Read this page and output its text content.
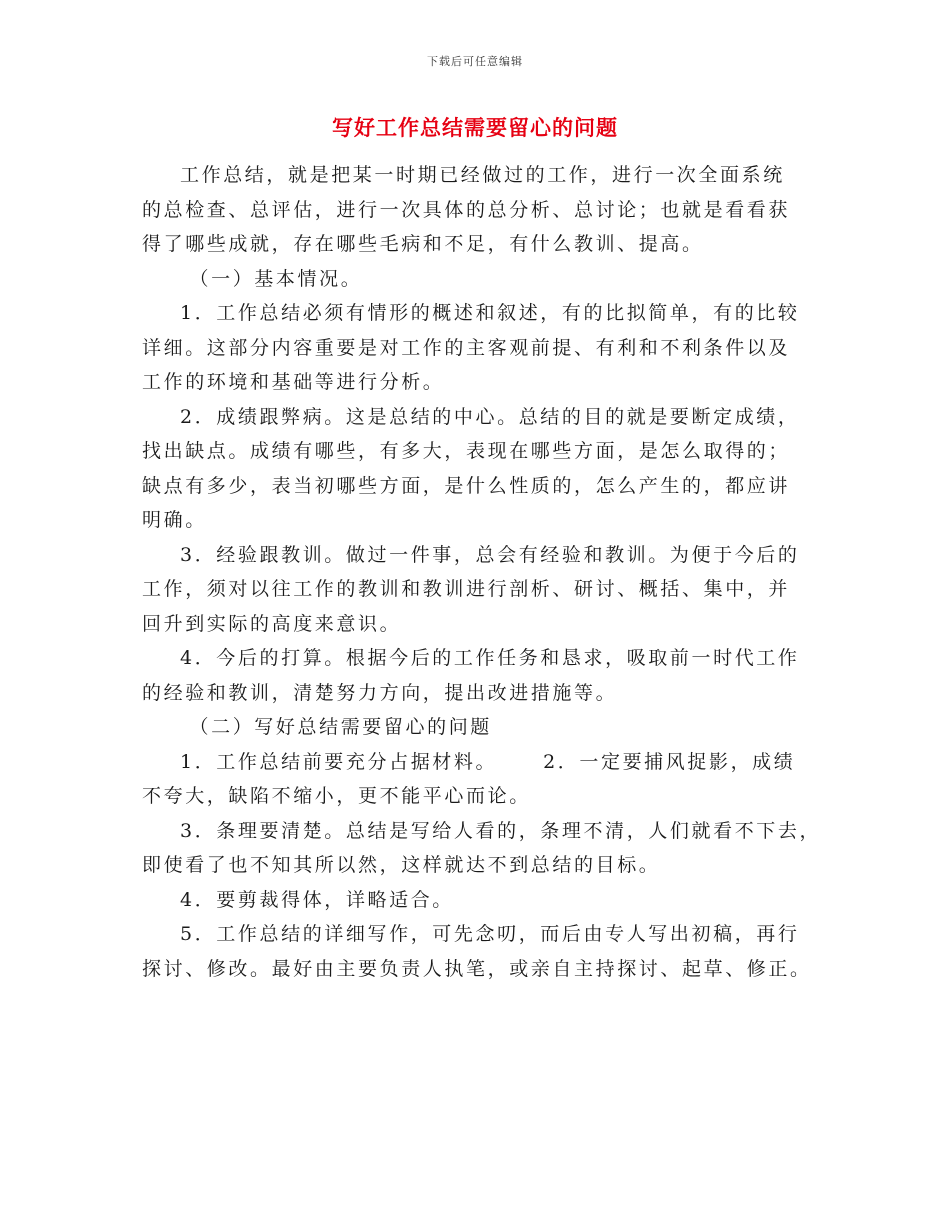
下载后可任意编辑
写好工作总结需要留心的问题

工作总结，就是把某一时期已经做过的工作，进行一次全面系统
的总检查、总评估，进行一次具体的总分析、总讨论；也就是看看获
得了哪些成就，存在哪些毛病和不足，有什么教训、提高。

（一）基本情况。

1．工作总结必须有情形的概述和叙述，有的比拟简单，有的比较
详细。这部分内容重要是对工作的主客观前提、有利和不利条件以及
工作的环境和基础等进行分析。

2．成绩跟弊病。这是总结的中心。总结的目的就是要断定成绩，
找出缺点。成绩有哪些，有多大，表现在哪些方面，是怎么取得的；
缺点有多少，表当初哪些方面，是什么性质的，怎么产生的，都应讲
明确。

3．经验跟教训。做过一件事，总会有经验和教训。为便于今后的
工作，须对以往工作的教训和教训进行剖析、研讨、概括、集中，并
回升到实际的高度来意识。

4．今后的打算。根据今后的工作任务和恳求，吸取前一时代工作
的经验和教训，清楚努力方向，提出改进措施等。

（二）写好总结需要留心的问题

1．工作总结前要充分占据材料。 2．一定要捕风捉影，成绩
不夸大，缺陷不缩小，更不能平心而论。

3．条理要清楚。总结是写给人看的，条理不清，人们就看不下去，
即使看了也不知其所以然，这样就达不到总结的目标。

4．要剪裁得体，详略适合。

5．工作总结的详细写作，可先念叨，而后由专人写出初稿，再行
探讨、修改。最好由主要负责人执笔，或亲自主持探讨、起草、修正。
